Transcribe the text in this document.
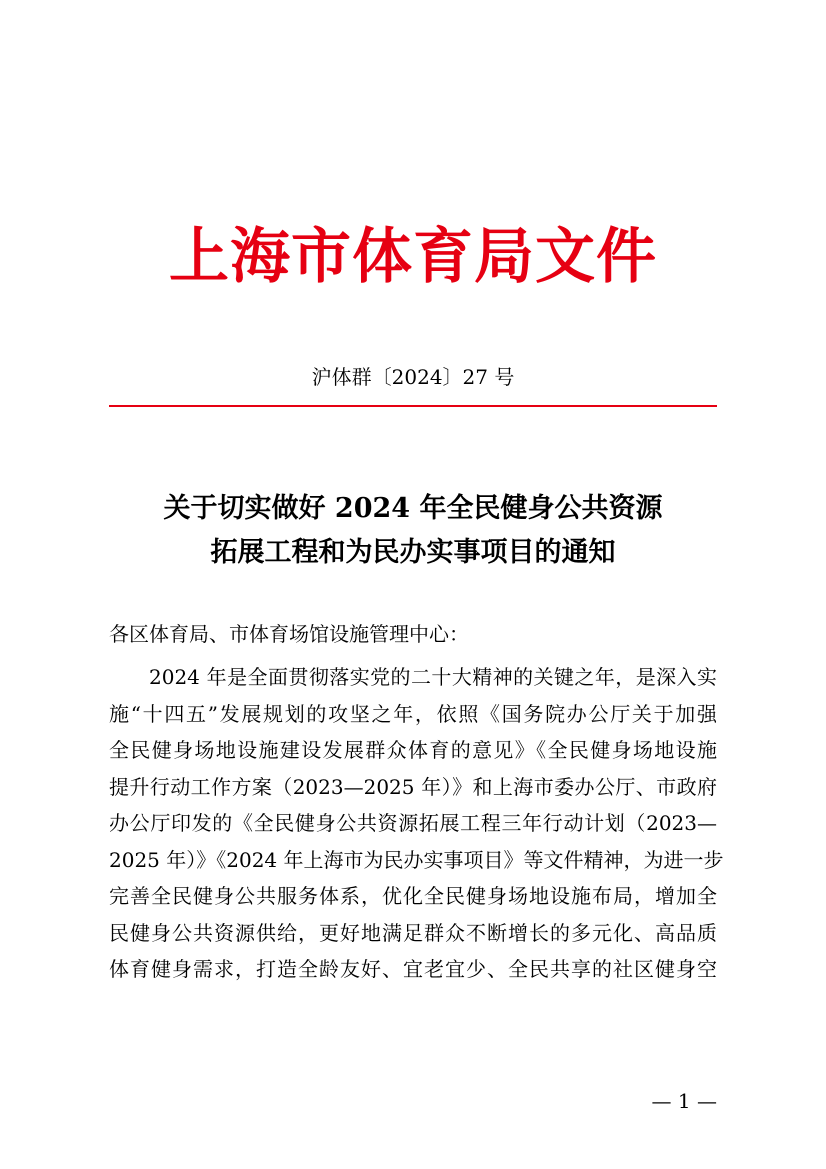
上海市体育局文件
沪体群〔2024〕27 号
关于切实做好 2024 年全民健身公共资源
拓展工程和为民办实事项目的通知
各区体育局、市体育场馆设施管理中心：
2024 年是全面贯彻落实党的二十大精神的关键之年，是深入实
施“十四五”发展规划的攻坚之年，依照《国务院办公厅关于加强
全民健身场地设施建设发展群众体育的意见》《全民健身场地设施
提升行动工作方案（2023—2025 年）》和上海市委办公厅、市政府
办公厅印发的《全民健身公共资源拓展工程三年行动计划（2023—
2025 年）》《2024 年上海市为民办实事项目》等文件精神，为进一步
完善全民健身公共服务体系，优化全民健身场地设施布局，增加全
民健身公共资源供给，更好地满足群众不断增长的多元化、高品质
体育健身需求，打造全龄友好、宜老宜少、全民共享的社区健身空
— 1 —
